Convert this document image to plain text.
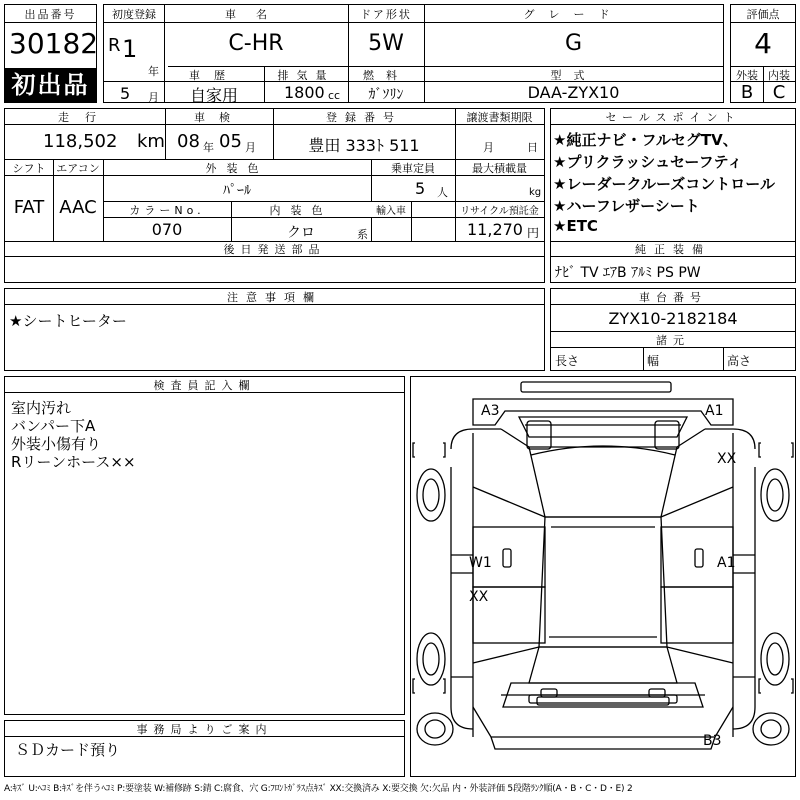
出品番号
30182
初出品
初度登録
R 1
年
5 月
車名
C-HR
ドア形状
5W
グレード
G
車歴
自家用
排気量
1800 cc
燃料
ｶﾞｿﾘﾝ
型式
DAA-ZYX10
評価点
4
外装 内装
B	C
走行
118,502 km
車検
08 年 05 月
登録番号
豊田 333ﾄ 511
譲渡書類期限
月	日
シフト
FAT
エアコン
AAC
外装色
ﾊﾟｰﾙ
乗車定員
5 人
最大積載量
kg
カラーNo.
070
内装色
クロ	系
輸入車	リサイクル預託金
11,270 円
後日発送部品
セールスポイント
★純正ナビ・フルセグTV、
★プリクラッシュセーフティ
★レーダークルーズコントロール
★ハーフレザーシート
★ETC
純正装備
ﾅﾋﾞ TV ｴｱB ｱﾙﾐ PS PW
注意事項欄
★シートヒーター
車台番号
ZYX10-2182184
諸元
長さ	幅	高さ
検査員記入欄
室内汚れ
バンパー下A
外装小傷有り
Rリーンホース××
事務局よりご案内
ＳＤカード預り
A3	A1
XX
W1	A1
XX
B3
A:ｷｽﾞ U:ﾍｺﾐ B:ｷｽﾞを伴うﾍｺﾐ P:要塗装 W:補修跡 S:錆 C:腐食、穴 G:ﾌﾛﾝﾄｶﾞﾗｽ点ｷｽﾞ XX:交換済み X:要交換 欠:欠品 内・外装評価 5段階ﾗﾝｸ順(A・B・C・D・E) 2
